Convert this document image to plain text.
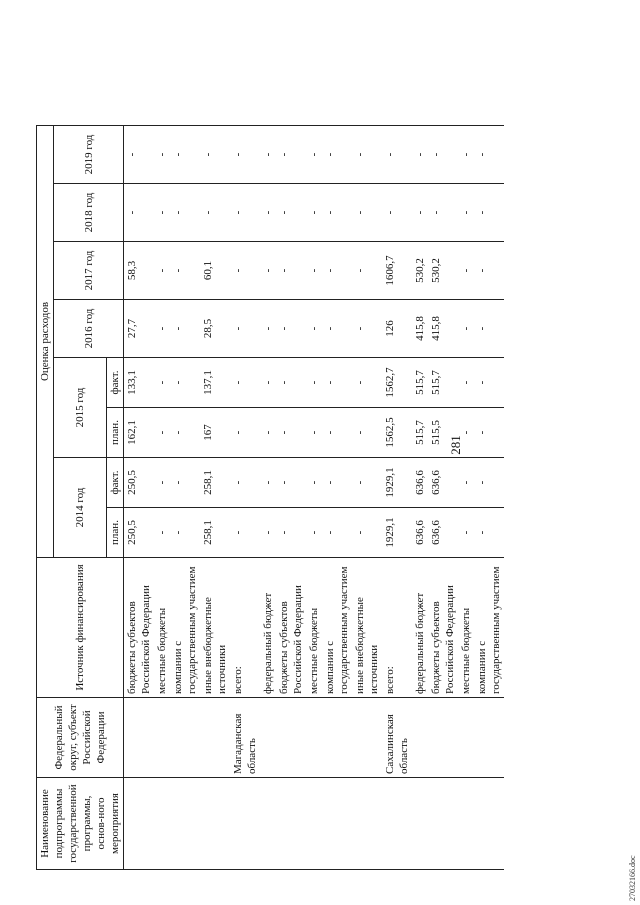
281
Наименование подпрограммы государственной программы, основ-ного мероприятия	Федеральный округ, субъект Российской Федерации	Источник финансирования	Оценка расходов							
			2014 год		2015 год		2016 год	2017 год	2018 год	2019 год
			план.	факт.	план.	факт.				
		бюджеты субъектов Российской Федерации	250,5	250,5	162,1	133,1	27,7	58,3	-	-
		местные бюджеты	-	-	-	-	-	-	-	-
		компании с государственным участием	-	-	-	-	-	-	-	-
		иные внебюджетные источники	258,1	258,1	167	137,1	28,5	60,1	-	-
	Магаданская область	всего:	-	-	-	-	-	-	-	-
		федеральный бюджет	-	-	-	-	-	-	-	-
		бюджеты субъектов Российской Федерации	-	-	-	-	-	-	-	-
		местные бюджеты	-	-	-	-	-	-	-	-
		компании с государственным участием	-	-	-	-	-	-	-	-
		иные внебюджетные источники	-	-	-	-	-	-	-	-
	Сахалинская область	всего:	1929,1	1929,1	1562,5	1562,7	126	1606,7	-	-
		федеральный бюджет	636,6	636,6	515,7	515,7	415,8	530,2	-	-
		бюджеты субъектов Российской Федерации	636,6	636,6	515,5	515,7	415,8	530,2	-	-
		местные бюджеты	-	-	-	-	-	-	-	-
		компании с государственным участием	-	-	-	-	-	-	-	-
27032166.doc
